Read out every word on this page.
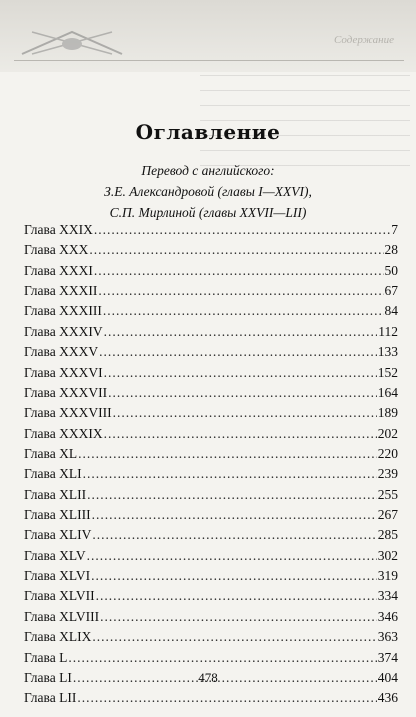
Содержание
Оглавление
Перевод с английского:
З.Е. Александровой (главы I—XXVI),
С.П. Мирлиной (главы XXVII—LII)
Глава XXIX .....	7
Глава XXX .....	28
Глава XXXI .....	50
Глава XXXII .....	67
Глава XXXIII .....	84
Глава XXXIV .....	112
Глава XXXV .....	133
Глава XXXVI .....	152
Глава XXXVII .....	164
Глава XXXVIII .....	189
Глава XXXIX .....	202
Глава XL .....	220
Глава XLI .....	239
Глава XLII .....	255
Глава XLIII .....	267
Глава XLIV .....	285
Глава XLV .....	302
Глава XLVI .....	319
Глава XLVII .....	334
Глава XLVIII .....	346
Глава XLIX .....	363
Глава L .....	374
Глава LI .....	404
Глава LII .....	436
478
